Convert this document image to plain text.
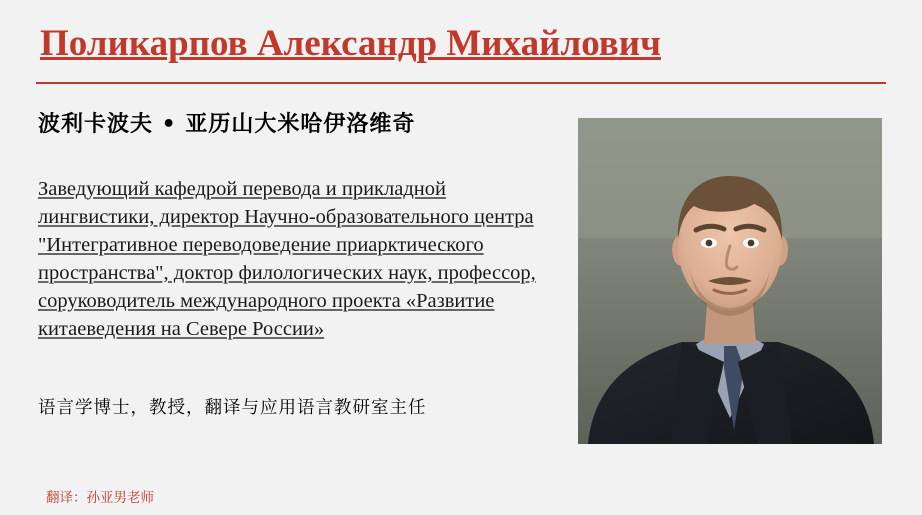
Поликарпов Александр Михайлович
波利卡波夫 • 亚历山大米哈伊洛维奇
Заведующий кафедрой перевода и прикладной лингвистики, директор Научно-образовательного центра "Интегративное переводоведение приарктического пространства", доктор филологических наук, профессор, соруководитель международного проекта «Развитие китаеведения на Севере России»
语言学博士，教授，翻译与应用语言教研室主任
翻译：孙亚男老师
